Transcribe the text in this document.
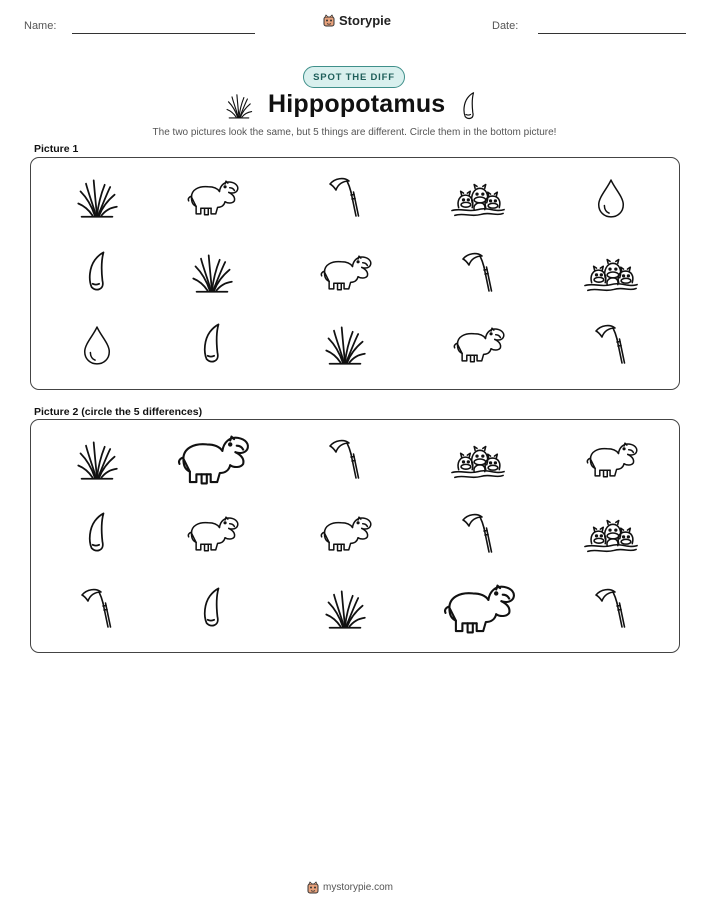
Name:	Storypie	Date:
SPOT THE DIFF
Hippopotamus
The two pictures look the same, but 5 things are different. Circle them in the bottom picture!
Picture 1
Picture 2 (circle the 5 differences)
mystorypie.com
